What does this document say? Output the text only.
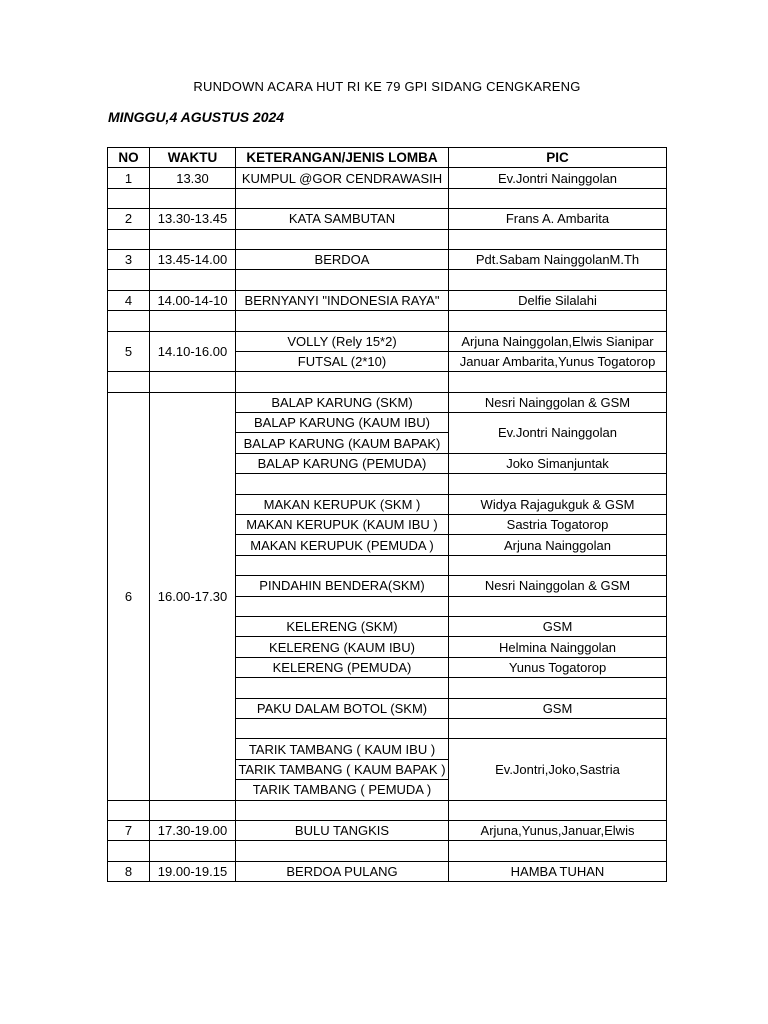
RUNDOWN ACARA HUT RI KE 79 GPI SIDANG CENGKARENG
MINGGU,4 AGUSTUS 2024
NO	WAKTU	KETERANGAN/JENIS LOMBA	PIC
1	13.30	KUMPUL @GOR CENDRAWASIH	Ev.Jontri Nainggolan

2	13.30-13.45	KATA SAMBUTAN	Frans A. Ambarita

3	13.45-14.00	BERDOA	Pdt.Sabam NainggolanM.Th

4	14.00-14-10	BERNYANYI "INDONESIA RAYA"	Delfie Silalahi

5	14.10-16.00	VOLLY (Rely 15*2)	Arjuna Nainggolan,Elwis Sianipar
		FUTSAL (2*10)	Januar Ambarita,Yunus Togatorop

6	16.00-17.30	BALAP KARUNG (SKM)	Nesri Nainggolan & GSM
		BALAP KARUNG (KAUM IBU)	Ev.Jontri Nainggolan
		BALAP KARUNG (KAUM BAPAK)	
		BALAP KARUNG (PEMUDA)	Joko Simanjuntak

		MAKAN KERUPUK (SKM )	Widya Rajagukguk & GSM
		MAKAN KERUPUK (KAUM IBU )	Sastria Togatorop
		MAKAN KERUPUK (PEMUDA )	Arjuna Nainggolan

		PINDAHIN BENDERA(SKM)	Nesri Nainggolan & GSM

		KELERENG (SKM)	GSM
		KELERENG (KAUM IBU)	Helmina Nainggolan
		KELERENG (PEMUDA)	Yunus Togatorop

		PAKU DALAM BOTOL (SKM)	GSM

		TARIK TAMBANG ( KAUM IBU )	Ev.Jontri,Joko,Sastria
		TARIK TAMBANG ( KAUM BAPAK )	
		TARIK TAMBANG ( PEMUDA )	

7	17.30-19.00	BULU TANGKIS	Arjuna,Yunus,Januar,Elwis

8	19.00-19.15	BERDOA PULANG	HAMBA TUHAN
